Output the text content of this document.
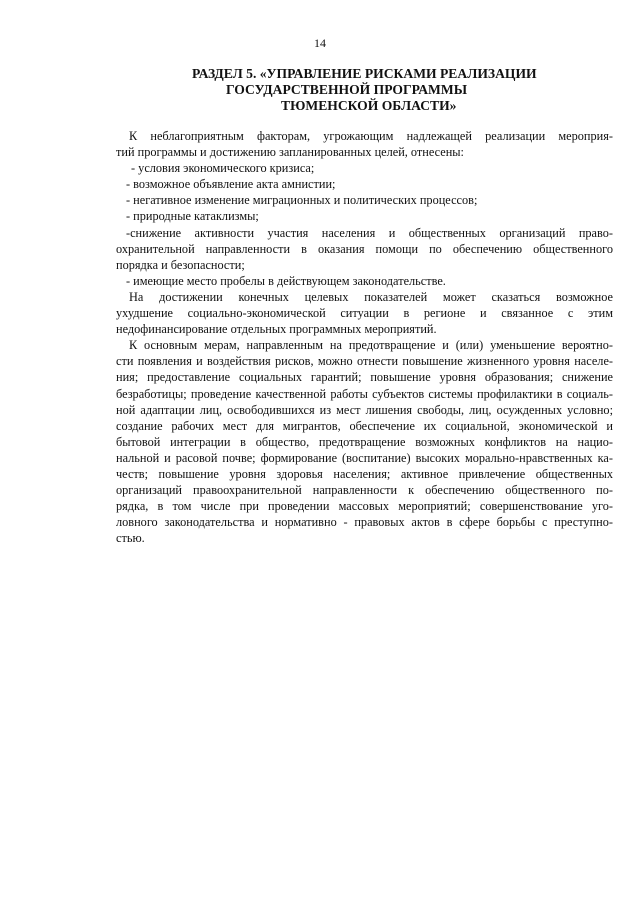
14
РАЗДЕЛ 5. «УПРАВЛЕНИЕ РИСКАМИ РЕАЛИЗАЦИИ
ГОСУДАРСТВЕННОЙ ПРОГРАММЫ
ТЮМЕНСКОЙ ОБЛАСТИ»
К неблагоприятным факторам, угрожающим надлежащей реализации мероприя-
тий программы и достижению запланированных целей, отнесены:
- условия экономического кризиса;
- возможное объявление акта амнистии;
- негативное изменение миграционных и политических процессов;
- природные катаклизмы;
-снижение активности участия населения и общественных организаций право-
охранительной направленности в оказания помощи по обеспечению общественного
порядка и безопасности;
- имеющие место пробелы в действующем законодательстве.
На достижении конечных целевых показателей может сказаться возможное
ухудшение социально-экономической ситуации в регионе и связанное с этим
недофинансирование отдельных программных мероприятий.
К основным мерам, направленным на предотвращение и (или) уменьшение вероятно-
сти появления и воздействия рисков, можно отнести повышение жизненного уровня населе-
ния; предоставление социальных гарантий; повышение уровня образования; снижение
безработицы; проведение качественной работы субъектов системы профилактики в социаль-
ной адаптации лиц, освободившихся из мест лишения свободы, лиц, осужденных условно;
создание рабочих мест для мигрантов, обеспечение их социальной, экономической и
бытовой интеграции в общество, предотвращение возможных конфликтов на нацио-
нальной и расовой почве; формирование (воспитание) высоких морально-нравственных ка-
честв; повышение уровня здоровья населения; активное привлечение общественных
организаций правоохранительной направленности к обеспечению общественного по-
рядка, в том числе при проведении массовых мероприятий; совершенствование уго-
ловного законодательства и нормативно - правовых актов в сфере борьбы с преступно-
стью.
